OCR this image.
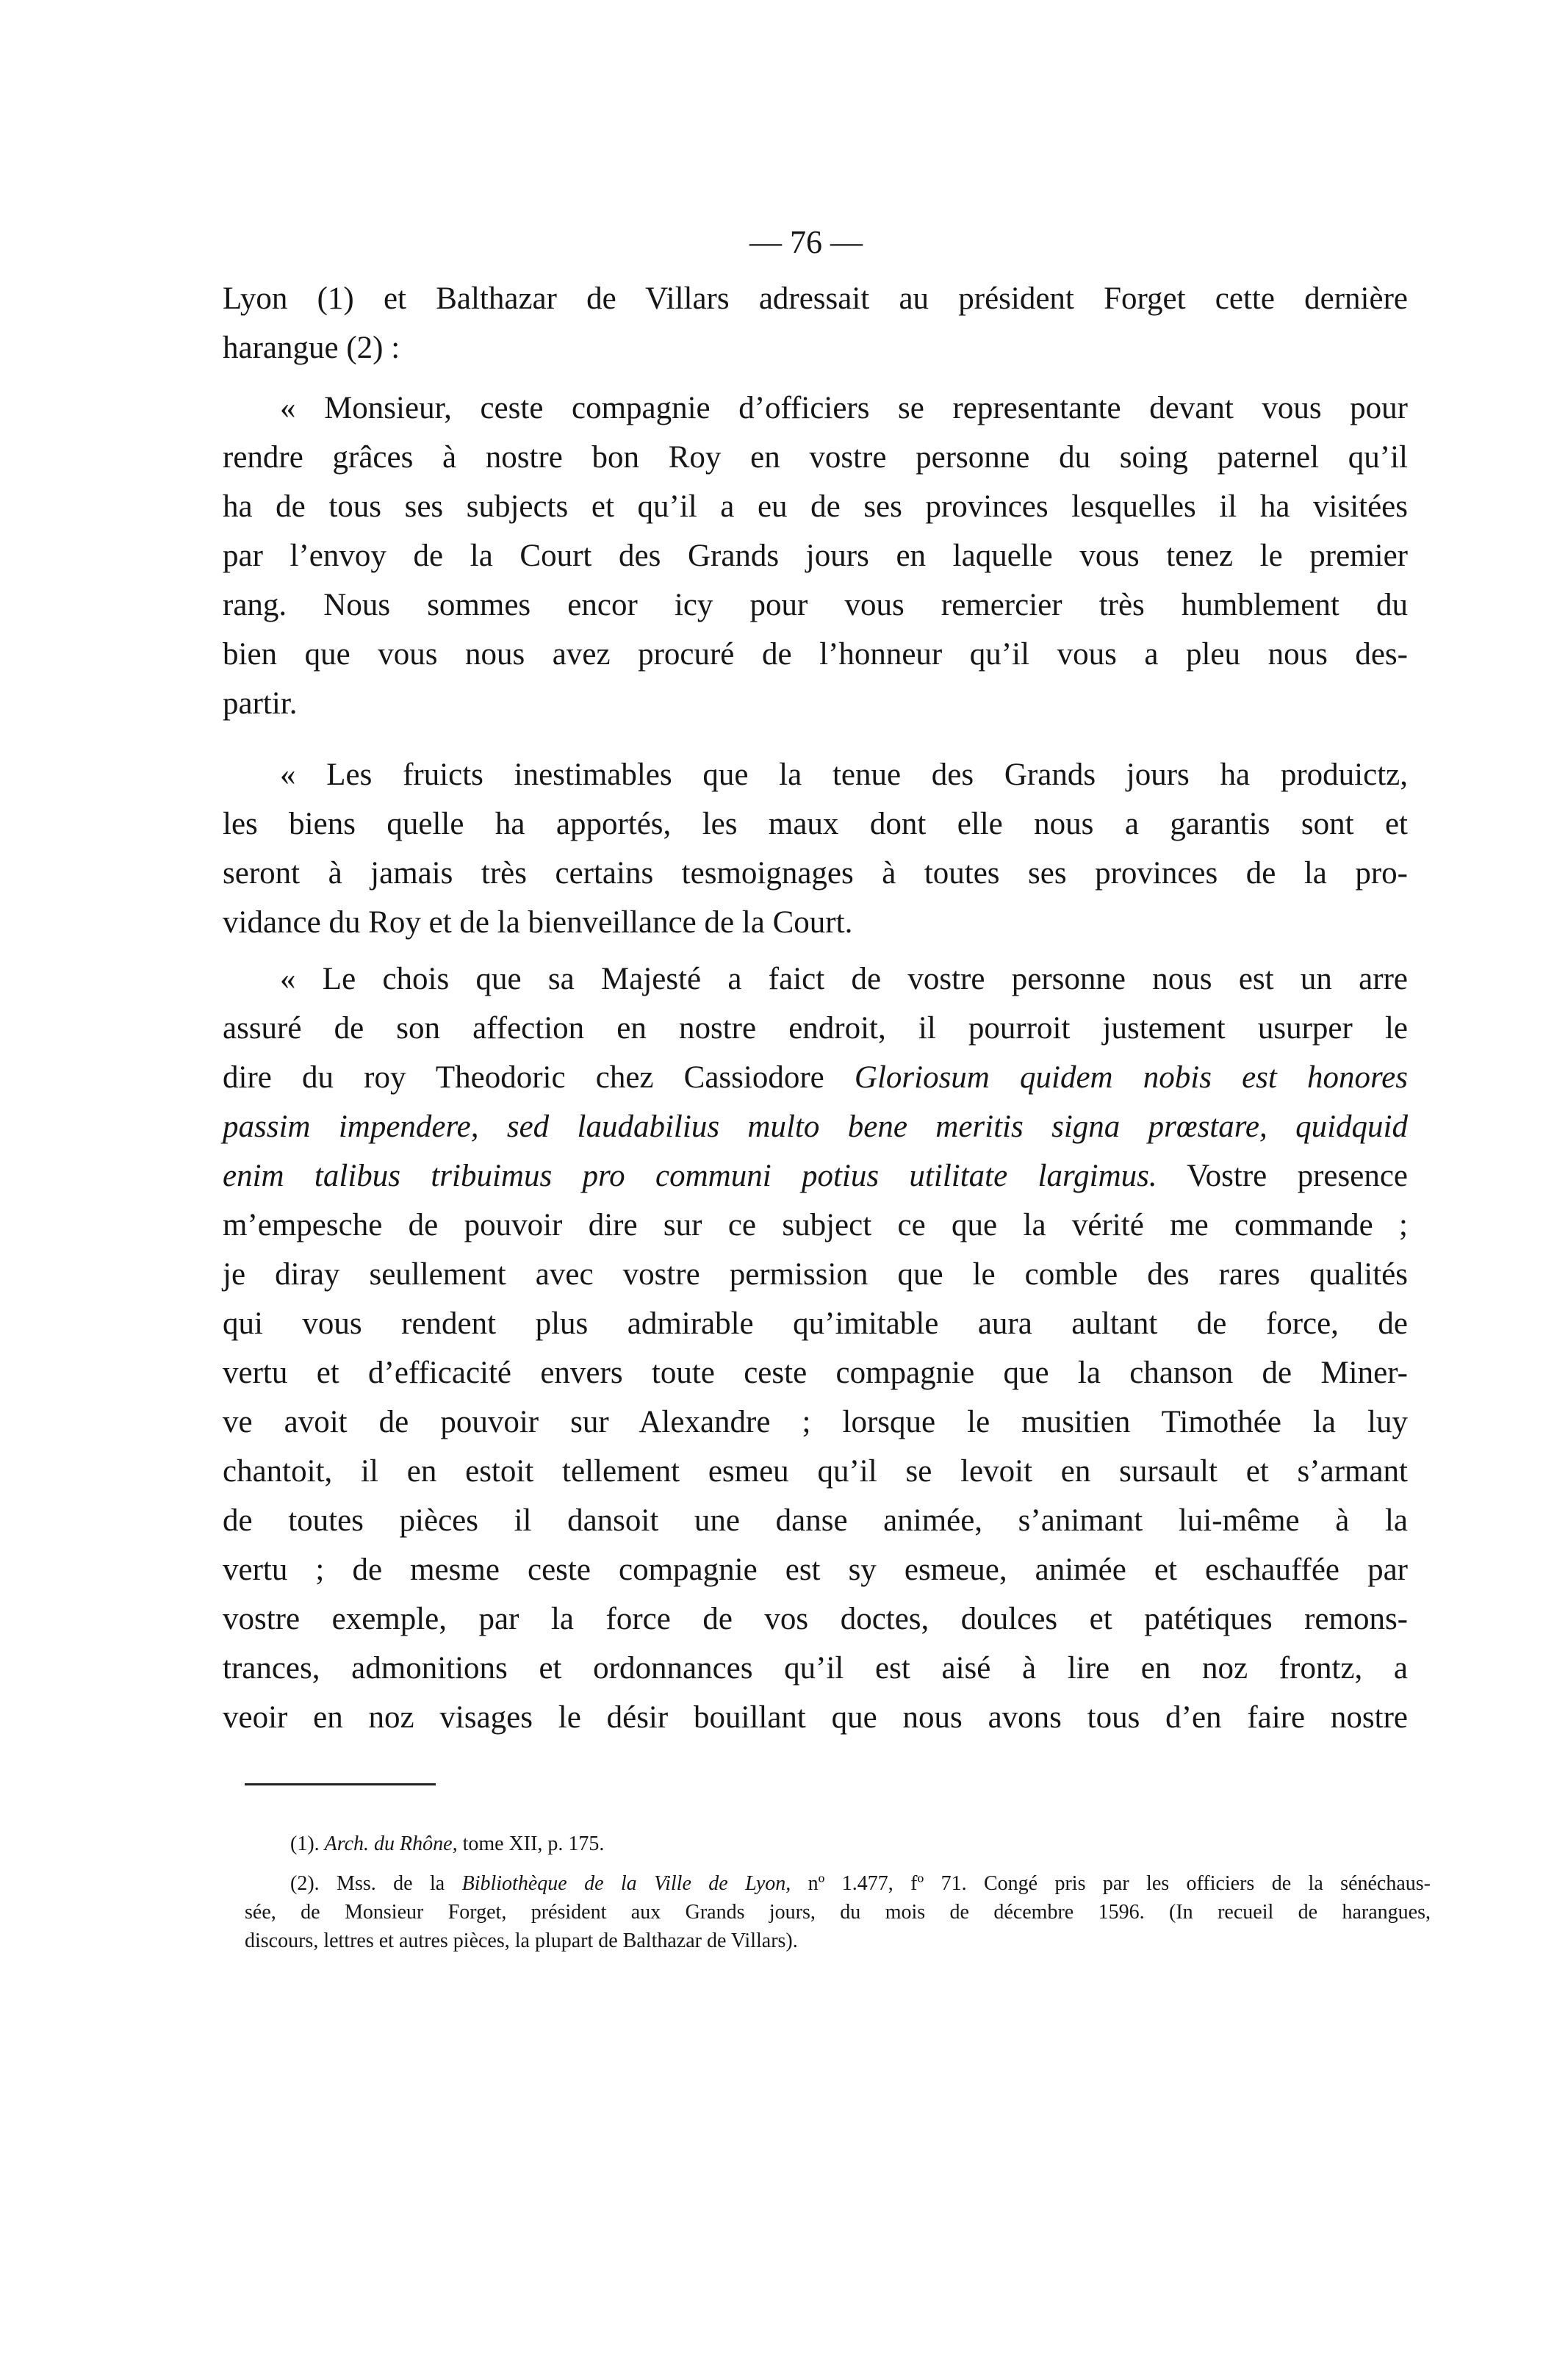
— 76 —
Lyon (1) et Balthazar de Villars adressait au président Forget cette dernière
harangue (2) :
« Monsieur, ceste compagnie d’officiers se representante devant vous pour
rendre grâces à nostre bon Roy en vostre personne du soing paternel qu’il
ha de tous ses subjects et qu’il a eu de ses provinces lesquelles il ha visitées
par l’envoy de la Court des Grands jours en laquelle vous tenez le premier
rang. Nous sommes encor icy pour vous remercier très humblement du
bien que vous nous avez procuré de l’honneur qu’il vous a pleu nous des-
partir.
« Les fruicts inestimables que la tenue des Grands jours ha produictz,
les biens quelle ha apportés, les maux dont elle nous a garantis sont et
seront à jamais très certains tesmoignages à toutes ses provinces de la pro-
vidance du Roy et de la bienveillance de la Court.
« Le chois que sa Majesté a faict de vostre personne nous est un arre
assuré de son affection en nostre endroit, il pourroit justement usurper le
dire du roy Theodoric chez Cassiodore Gloriosum quidem nobis est honores
passim impendere, sed laudabilius multo bene meritis signa prœstare, quidquid
enim talibus tribuimus pro communi potius utilitate largimus. Vostre presence
m’empesche de pouvoir dire sur ce subject ce que la vérité me commande ;
je diray seullement avec vostre permission que le comble des rares qualités
qui vous rendent plus admirable qu’imitable aura aultant de force, de
vertu et d’efficacité envers toute ceste compagnie que la chanson de Miner-
ve avoit de pouvoir sur Alexandre ; lorsque le musitien Timothée la luy
chantoit, il en estoit tellement esmeu qu’il se levoit en sursault et s’armant
de toutes pièces il dansoit une danse animée, s’animant lui-même à la
vertu ; de mesme ceste compagnie est sy esmeue, animée et eschauffée par
vostre exemple, par la force de vos doctes, doulces et patétiques remons-
trances, admonitions et ordonnances qu’il est aisé à lire en noz frontz, a
veoir en noz visages le désir bouillant que nous avons tous d’en faire nostre
(1). Arch. du Rhône, tome XII, p. 175.
(2). Mss. de la Bibliothèque de la Ville de Lyon, nº 1.477, fº 71. Congé pris par les officiers de la sénéchaus-
sée, de Monsieur Forget, président aux Grands jours, du mois de décembre 1596. (In recueil de harangues,
discours, lettres et autres pièces, la plupart de Balthazar de Villars).
